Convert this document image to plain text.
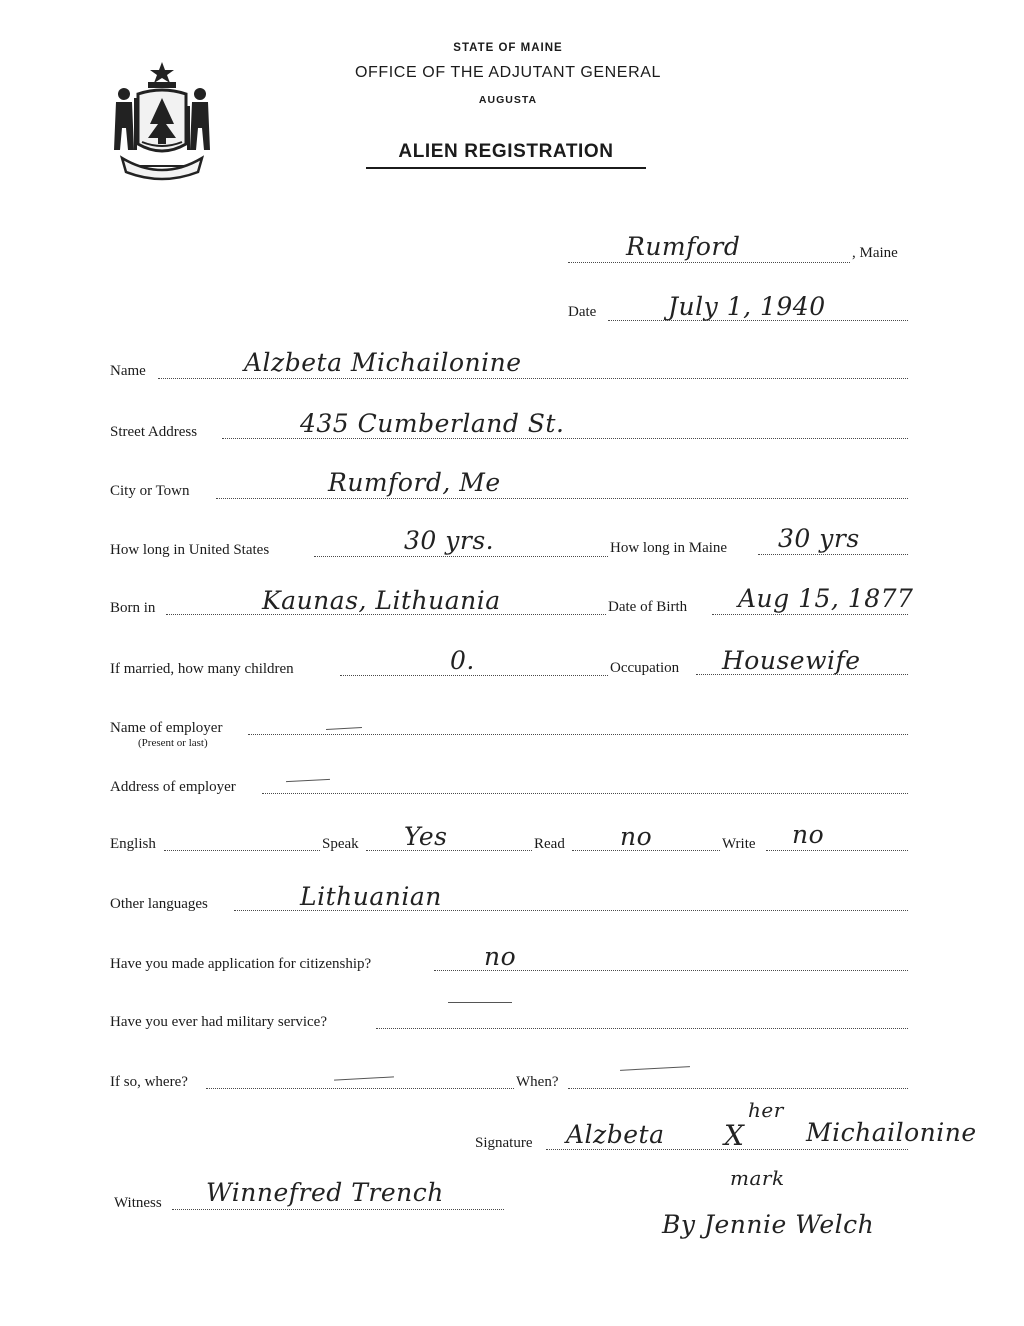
STATE OF MAINE
OFFICE OF THE ADJUTANT GENERAL
AUGUSTA
ALIEN REGISTRATION
Rumford	, Maine
Date	July 1, 1940
Name	Alzbeta Michailonine
Street Address	435 Cumberland St.
City or Town	Rumford, Me
How long in United States	30 yrs.	How long in Maine 30 yrs
Born in	Kaunas, Lithuania	Date of Birth Aug 15, 1877
If married, how many children	0.	Occupation Housewife
Name of employer
(Present or last)
Address of employer
English	Speak Yes	Read no	Write no
Other languages	Lithuanian
Have you made application for citizenship?	no
Have you ever had military service?
If so, where?	When?
Signature Alzbeta
her
X Michailonine
mark
By Jennie Welch
Witness Winnefred Trench
